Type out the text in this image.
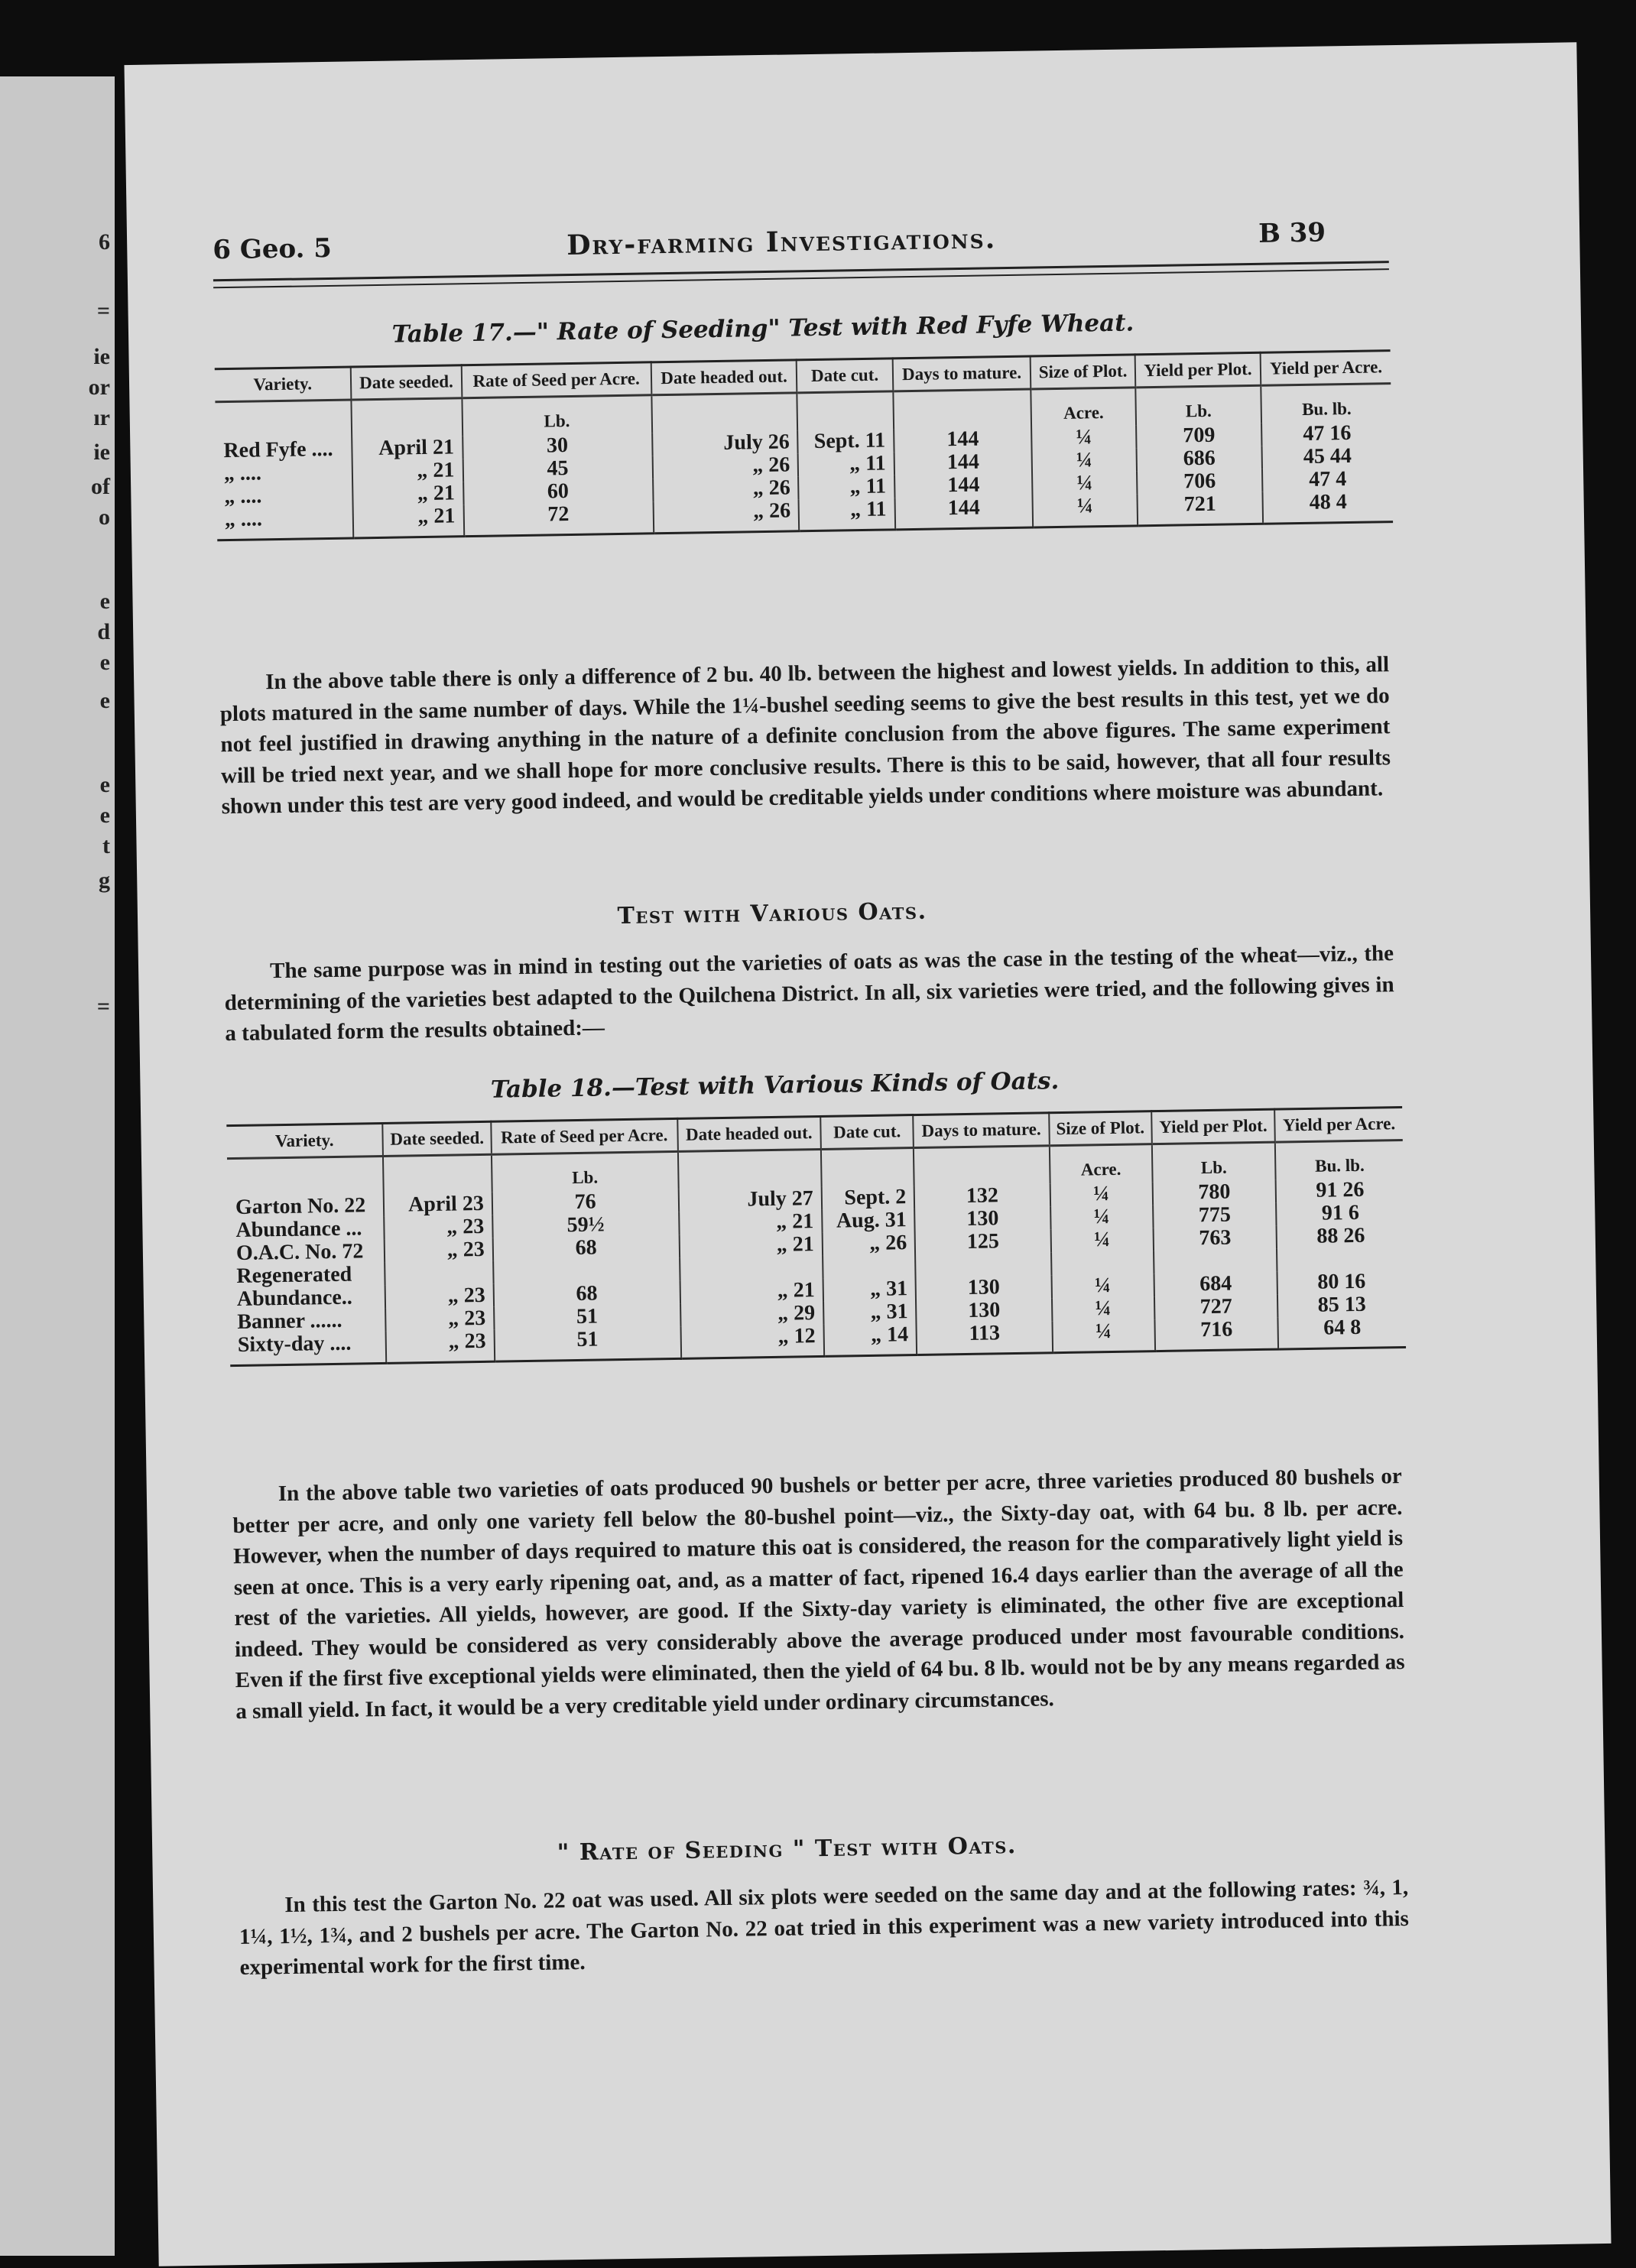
6
=
ie
or
ır
ie
of
o
e
d
e
e
e
e
t
g
=
6 Geo. 5	Dry-farming Investigations.	B 39
Table 17.—" Rate of Seeding" Test with Red Fyfe Wheat.
Variety.	Date seeded.	Rate of Seed per Acre.	Date headed out.	Date cut.	Days to mature.	Size of Plot.	Yield per Plot.	Yield per Acre.
		Lb.				Acre.	Lb.	Bu. lb.
Red Fyfe ....	April 21	30	July 26	Sept. 11	144	¼	709	47 16
„ ....	„ 21	45	„ 26	„ 11	144	¼	686	45 44
„ ....	„ 21	60	„ 26	„ 11	144	¼	706	47 4
„ ....	„ 21	72	„ 26	„ 11	144	¼	721	48 4
In the above table there is only a difference of 2 bu. 40 lb. between the highest and lowest yields. In addition to this, all plots matured in the same number of days. While the 1¼-bushel seeding seems to give the best results in this test, yet we do not feel justified in drawing anything in the nature of a definite conclusion from the above figures. The same experiment will be tried next year, and we shall hope for more conclusive results. There is this to be said, however, that all four results shown under this test are very good indeed, and would be creditable yields under conditions where moisture was abundant.
Test with Various Oats.
The same purpose was in mind in testing out the varieties of oats as was the case in the testing of the wheat—viz., the determining of the varieties best adapted to the Quilchena District. In all, six varieties were tried, and the following gives in a tabulated form the results obtained:—
Table 18.—Test with Various Kinds of Oats.
Variety.	Date seeded.	Rate of Seed per Acre.	Date headed out.	Date cut.	Days to mature.	Size of Plot.	Yield per Plot.	Yield per Acre.
		Lb.				Acre.	Lb.	Bu. lb.
Garton No. 22	April 23	76	July 27	Sept. 2	132	¼	780	91 26
Abundance ...	„ 23	59½	„ 21	Aug. 31	130	¼	775	91 6
O.A.C. No. 72	„ 23	68	„ 21	„ 26	125	¼	763	88 26
Regenerated								
Abundance..	„ 23	68	„ 21	„ 31	130	¼	684	80 16
Banner ......	„ 23	51	„ 29	„ 31	130	¼	727	85 13
Sixty-day ....	„ 23	51	„ 12	„ 14	113	¼	716	64 8
In the above table two varieties of oats produced 90 bushels or better per acre, three varieties produced 80 bushels or better per acre, and only one variety fell below the 80-bushel point—viz., the Sixty-day oat, with 64 bu. 8 lb. per acre. However, when the number of days required to mature this oat is considered, the reason for the comparatively light yield is seen at once. This is a very early ripening oat, and, as a matter of fact, ripened 16.4 days earlier than the average of all the rest of the varieties. All yields, however, are good. If the Sixty-day variety is eliminated, the other five are exceptional indeed. They would be considered as very considerably above the average produced under most favourable conditions. Even if the first five exceptional yields were eliminated, then the yield of 64 bu. 8 lb. would not be by any means regarded as a small yield. In fact, it would be a very creditable yield under ordinary circumstances.
" Rate of Seeding " Test with Oats.
In this test the Garton No. 22 oat was used. All six plots were seeded on the same day and at the following rates: ¾, 1, 1¼, 1½, 1¾, and 2 bushels per acre. The Garton No. 22 oat tried in this experiment was a new variety introduced into this experimental work for the first time.
